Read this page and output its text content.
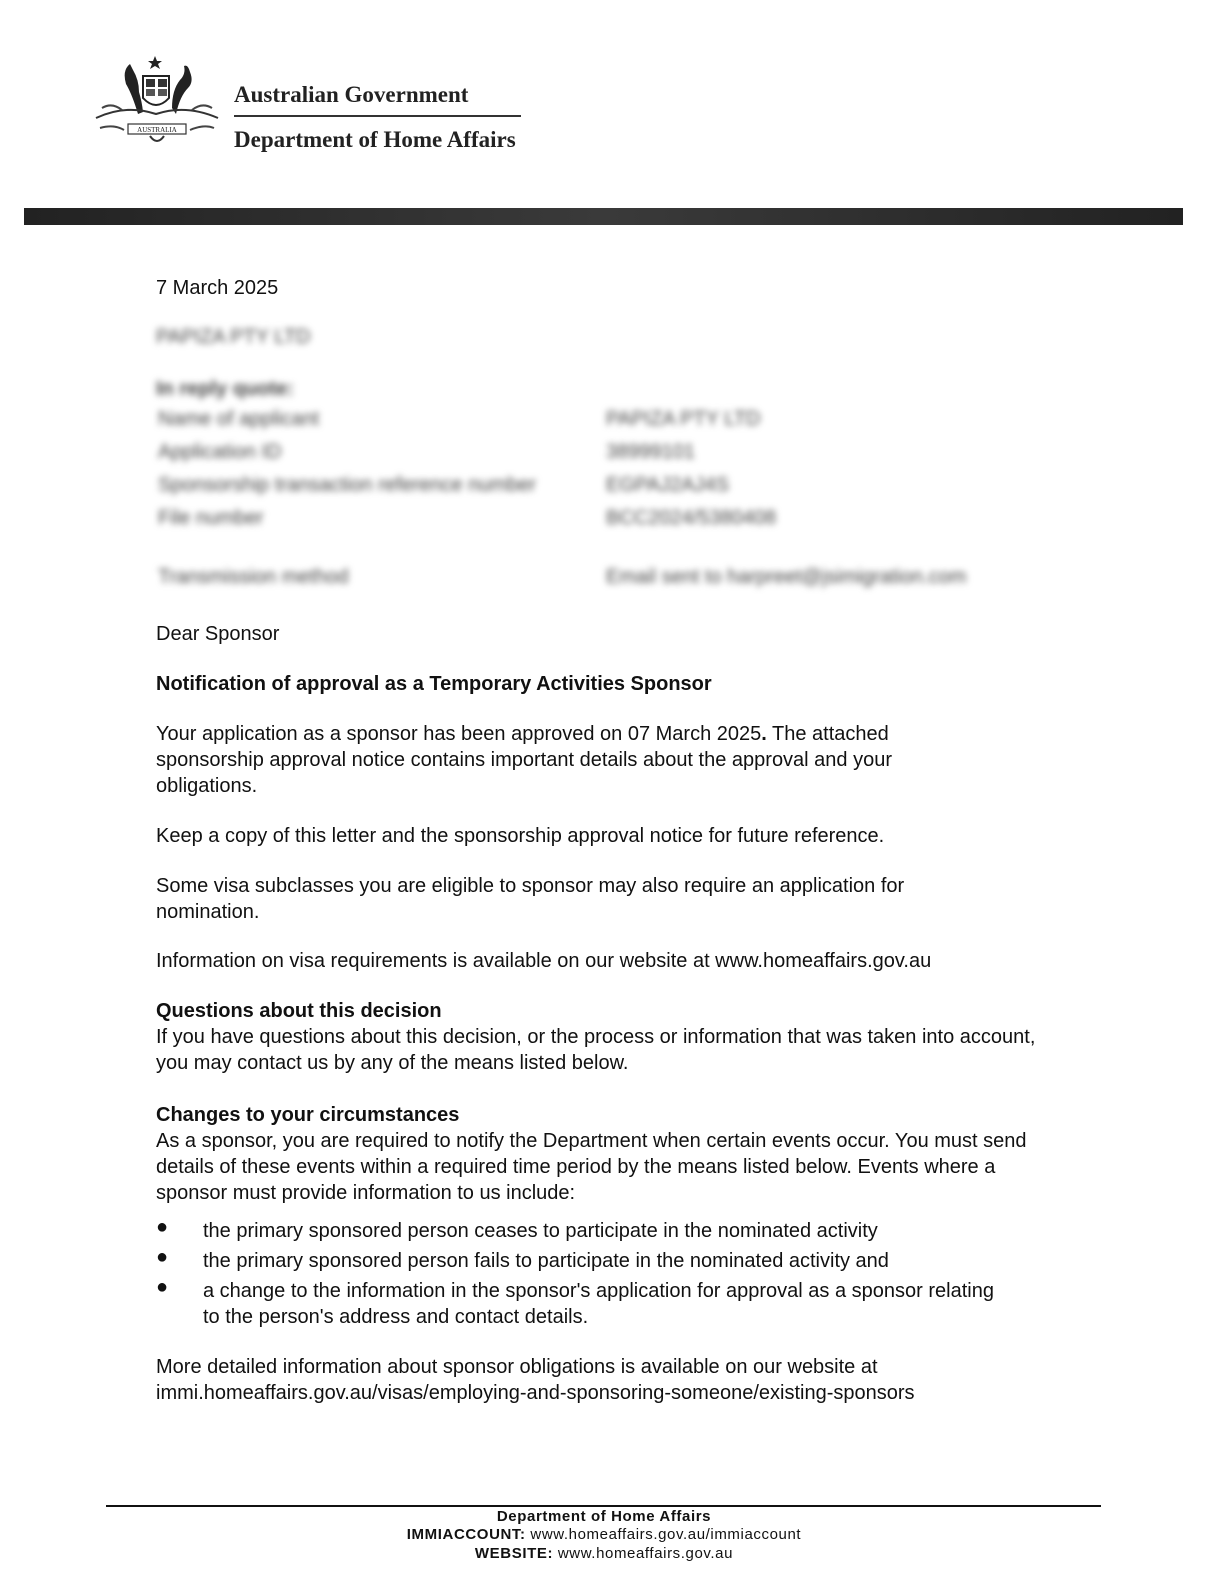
AUSTRALIA
Australian Government
Department of Home Affairs
7 March 2025
PAPIZA PTY LTD
In reply quote:
Name of applicant	PAPIZA PTY LTD
Application ID	38999101
Sponsorship transaction reference number	EGPAJ2AJ4S
File number	BCC2024/5380408
Transmission method	Email sent to harpreet@jsimigration.com
Dear Sponsor
Notification of approval as a Temporary Activities Sponsor
Your application as a sponsor has been approved on 07 March 2025. The attached sponsorship approval notice contains important details about the approval and your obligations.
Keep a copy of this letter and the sponsorship approval notice for future reference.
Some visa subclasses you are eligible to sponsor may also require an application for nomination.
Information on visa requirements is available on our website at www.homeaffairs.gov.au
Questions about this decision
If you have questions about this decision, or the process or information that was taken into account, you may contact us by any of the means listed below.
Changes to your circumstances
As a sponsor, you are required to notify the Department when certain events occur. You must send details of these events within a required time period by the means listed below. Events where a sponsor must provide information to us include:
● the primary sponsored person ceases to participate in the nominated activity
● the primary sponsored person fails to participate in the nominated activity and
● a change to the information in the sponsor's application for approval as a sponsor relating to the person's address and contact details.
More detailed information about sponsor obligations is available on our website at immi.homeaffairs.gov.au/visas/employing-and-sponsoring-someone/existing-sponsors
Department of Home Affairs
IMMIACCOUNT: www.homeaffairs.gov.au/immiaccount
WEBSITE: www.homeaffairs.gov.au
